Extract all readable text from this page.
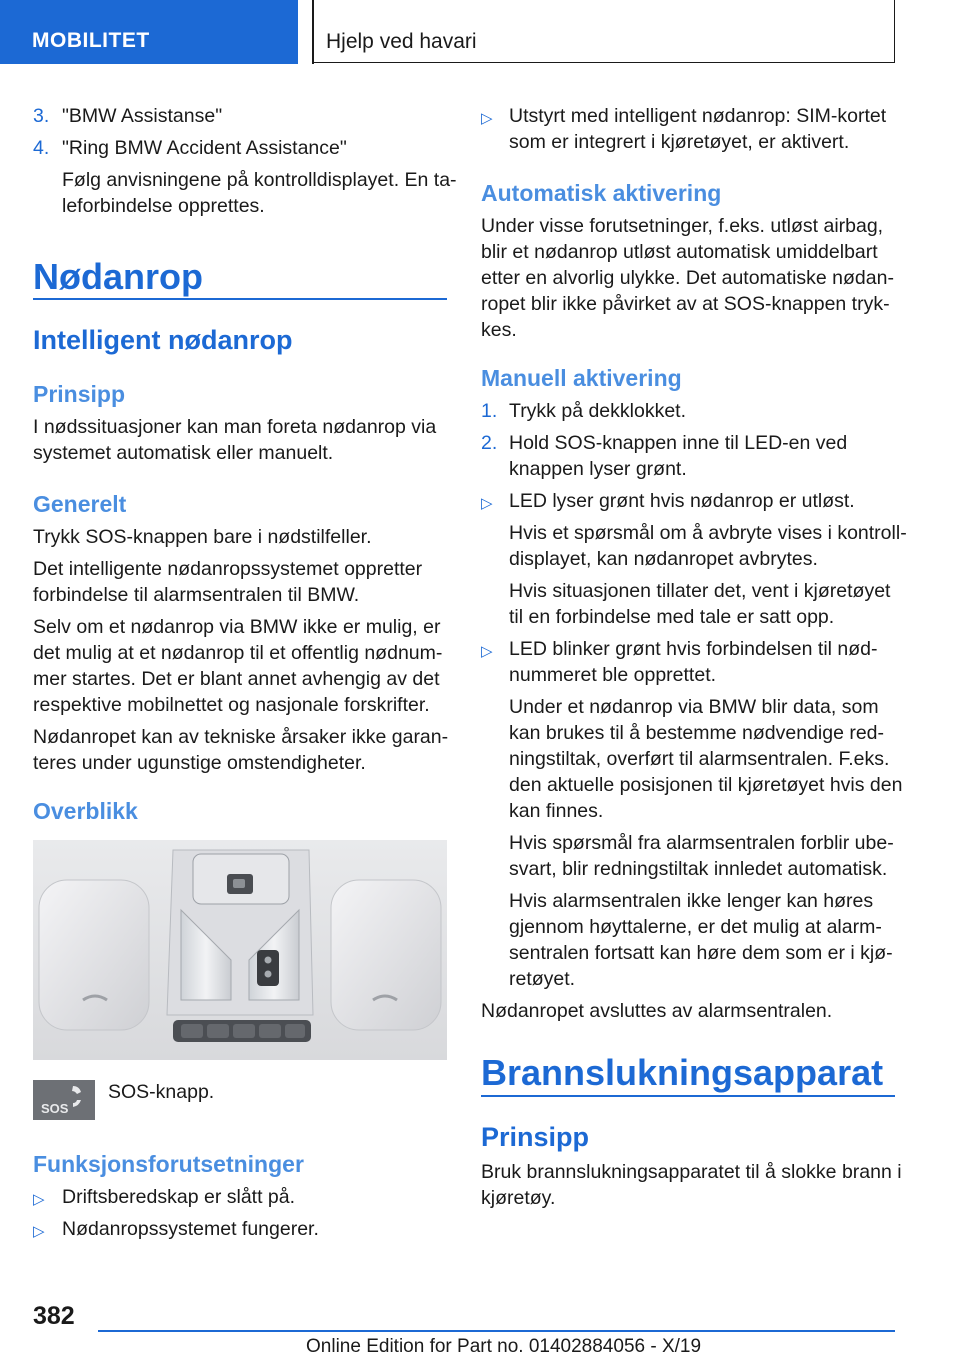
MOBILITET	Hjelp ved havari
3. "BMW Assistanse"
4. "Ring BMW Accident Assistance"
Følg anvisningene på kontrolldisplayet. En ta-
leforbindelse opprettes.
Nødanrop
Intelligent nødanrop
Prinsipp
I nødssituasjoner kan man foreta nødanrop via
systemet automatisk eller manuelt.
Generelt
Trykk SOS-knappen bare i nødstilfeller.
Det intelligente nødanropssystemet oppretter
forbindelse til alarmsentralen til BMW.
Selv om et nødanrop via BMW ikke er mulig, er
det mulig at et nødanrop til et offentlig nødnum-
mer startes. Det er blant annet avhengig av det
respektive mobilnettet og nasjonale forskrifter.
Nødanropet kan av tekniske årsaker ikke garan-
teres under ugunstige omstendigheter.
Overblikk
SOS
SOS-knapp.
Funksjonsforutsetninger
▷ Driftsberedskap er slått på.
▷ Nødanropssystemet fungerer.
▷ Utstyrt med intelligent nødanrop: SIM-kortet
som er integrert i kjøretøyet, er aktivert.
Automatisk aktivering
Under visse forutsetninger, f.eks. utløst airbag,
blir et nødanrop utløst automatisk umiddelbart
etter en alvorlig ulykke. Det automatiske nødan-
ropet blir ikke påvirket av at SOS-knappen tryk-
kes.
Manuell aktivering
1. Trykk på dekklokket.
2. Hold SOS-knappen inne til LED-en ved
knappen lyser grønt.
▷ LED lyser grønt hvis nødanrop er utløst.
Hvis et spørsmål om å avbryte vises i kontroll-
displayet, kan nødanropet avbrytes.
Hvis situasjonen tillater det, vent i kjøretøyet
til en forbindelse med tale er satt opp.
▷ LED blinker grønt hvis forbindelsen til nød-
nummeret ble opprettet.
Under et nødanrop via BMW blir data, som
kan brukes til å bestemme nødvendige red-
ningstiltak, overført til alarmsentralen. F.eks.
den aktuelle posisjonen til kjøretøyet hvis den
kan finnes.
Hvis spørsmål fra alarmsentralen forblir ube-
svart, blir redningstiltak innledet automatisk.
Hvis alarmsentralen ikke lenger kan høres
gjennom høyttalerne, er det mulig at alarm-
sentralen fortsatt kan høre dem som er i kjø-
retøyet.
Nødanropet avsluttes av alarmsentralen.
Brannslukningsapparat
Prinsipp
Bruk brannslukningsapparatet til å slokke brann i
kjøretøy.
382
Online Edition for Part no. 01402884056 - X/19
